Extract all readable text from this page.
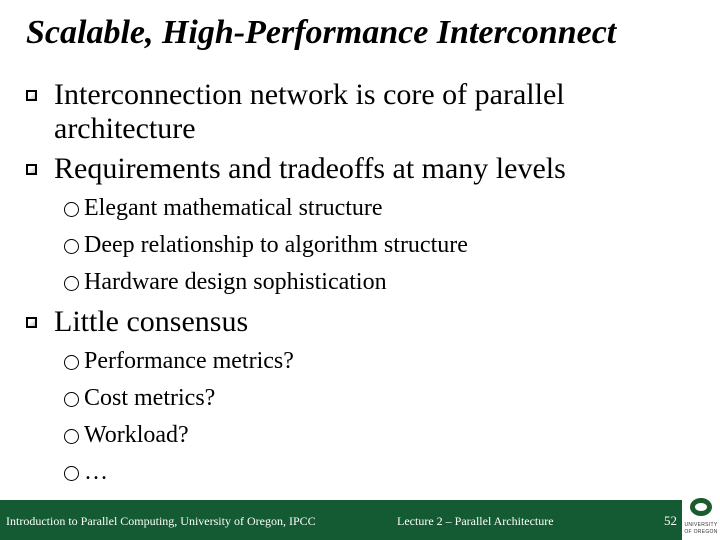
Scalable, High-Performance Interconnect
Interconnection network is core of parallel architecture
Requirements and tradeoffs at many levels
Elegant mathematical structure
Deep relationship to algorithm structure
Hardware design sophistication
Little consensus
Performance metrics?
Cost metrics?
Workload?
…
Introduction to Parallel Computing, University of Oregon, IPCC	Lecture 2 – Parallel Architecture	52	UNIVERSITY
OF OREGON
